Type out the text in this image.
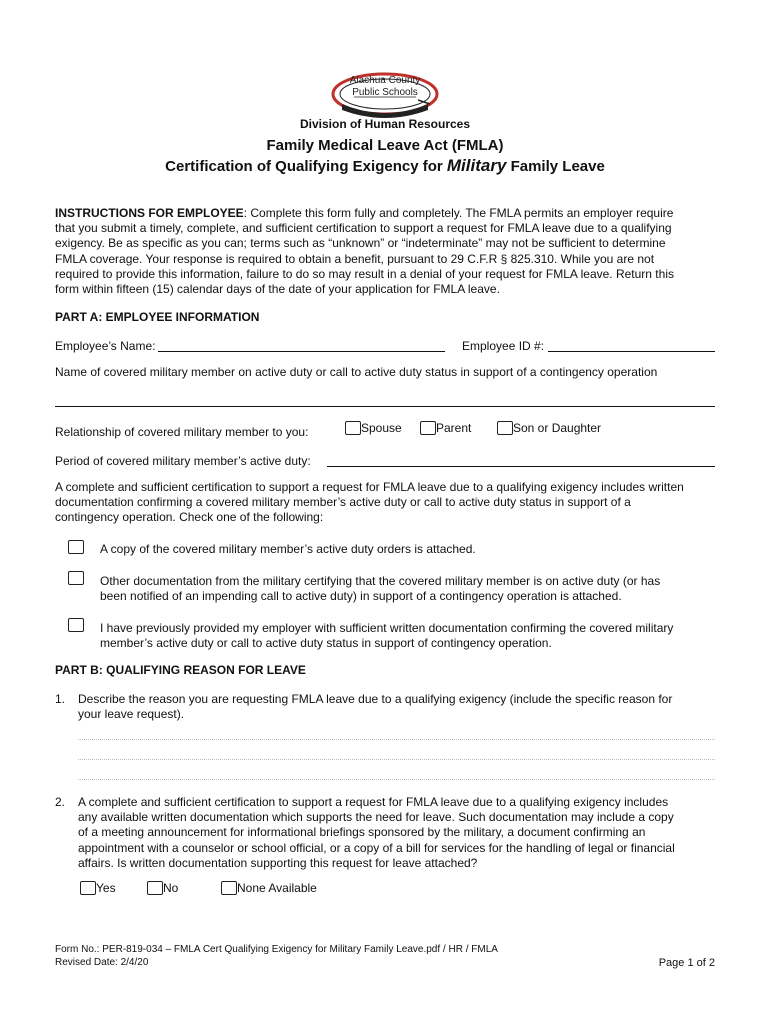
Alachua County
Public Schools
Division of Human Resources
Family Medical Leave Act (FMLA)
Certification of Qualifying Exigency for Military Family Leave
INSTRUCTIONS FOR EMPLOYEE: Complete this form fully and completely. The FMLA permits an employer require
that you submit a timely, complete, and sufficient certification to support a request for FMLA leave due to a qualifying
exigency. Be as specific as you can; terms such as “unknown” or “indeterminate” may not be sufficient to determine
FMLA coverage. Your response is required to obtain a benefit, pursuant to 29 C.F.R § 825.310. While you are not
required to provide this information, failure to do so may result in a denial of your request for FMLA leave. Return this
form within fifteen (15) calendar days of the date of your application for FMLA leave.
PART A: EMPLOYEE INFORMATION
Employee’s Name:	Employee ID #:
Name of covered military member on active duty or call to active duty status in support of a contingency operation
Relationship of covered military member to you:	Spouse	Parent	Son or Daughter
Period of covered military member’s active duty:
A complete and sufficient certification to support a request for FMLA leave due to a qualifying exigency includes written
documentation confirming a covered military member’s active duty or call to active duty status in support of a
contingency operation. Check one of the following:
A copy of the covered military member’s active duty orders is attached.
Other documentation from the military certifying that the covered military member is on active duty (or has
been notified of an impending call to active duty) in support of a contingency operation is attached.
I have previously provided my employer with sufficient written documentation confirming the covered military
member’s active duty or call to active duty status in support of contingency operation.
PART B: QUALIFYING REASON FOR LEAVE
1. Describe the reason you are requesting FMLA leave due to a qualifying exigency (include the specific reason for
your leave request).
2. A complete and sufficient certification to support a request for FMLA leave due to a qualifying exigency includes
any available written documentation which supports the need for leave. Such documentation may include a copy
of a meeting announcement for informational briefings sponsored by the military, a document confirming an
appointment with a counselor or school official, or a copy of a bill for services for the handling of legal or financial
affairs. Is written documentation supporting this request for leave attached?
Yes	No	None Available
Form No.: PER-819-034 – FMLA Cert Qualifying Exigency for Military Family Leave.pdf / HR / FMLA
Revised Date: 2/4/20	Page 1 of 2
